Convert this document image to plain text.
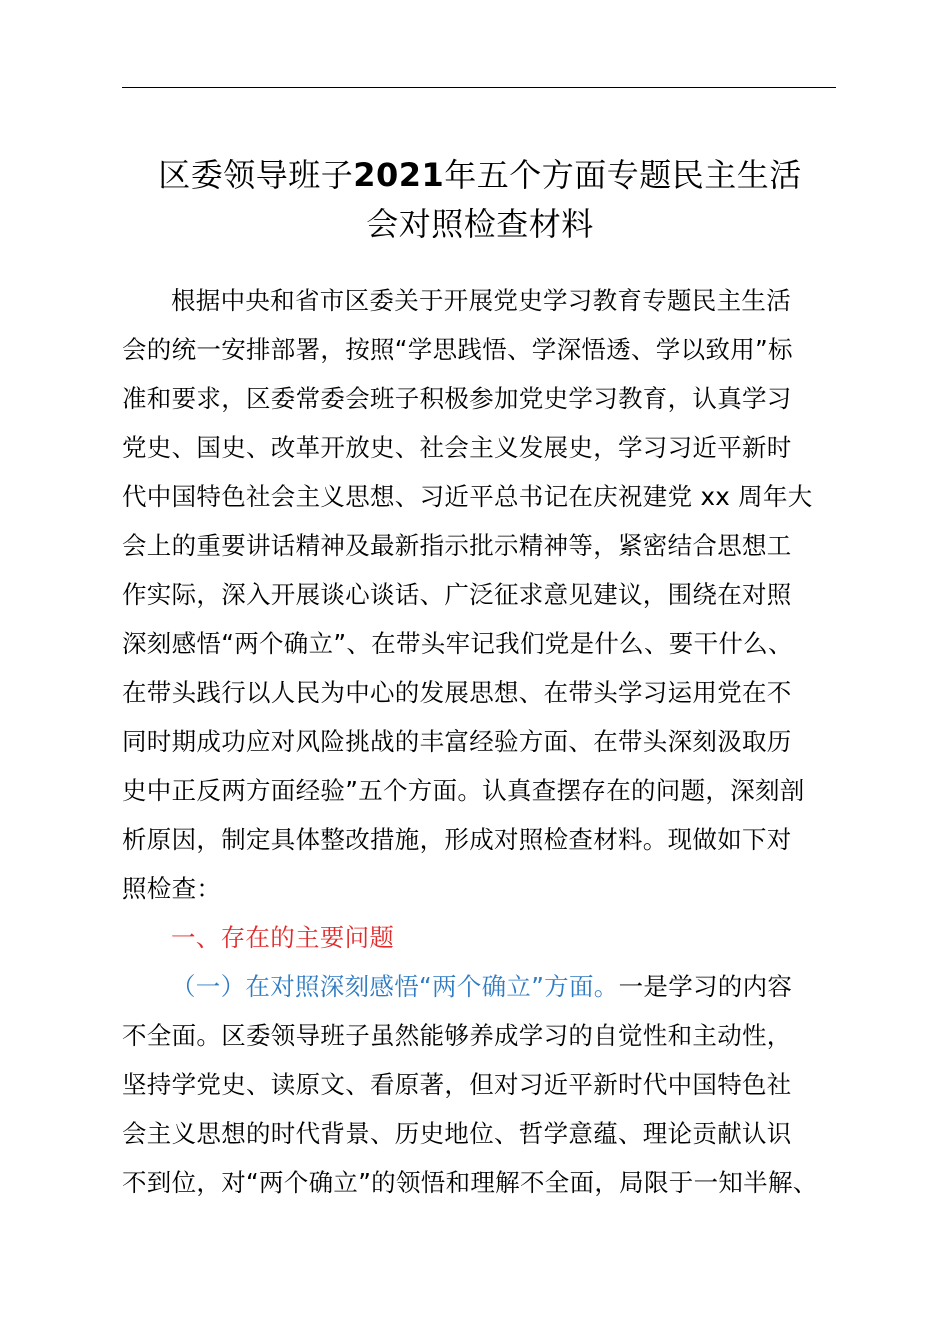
区委领导班子2021年五个方面专题民主生活
会对照检查材料
根据中央和省市区委关于开展党史学习教育专题民主生活
会的统一安排部署，按照“学思践悟、学深悟透、学以致用”标
准和要求，区委常委会班子积极参加党史学习教育，认真学习
党史、国史、改革开放史、社会主义发展史，学习习近平新时
代中国特色社会主义思想、习近平总书记在庆祝建党 xx 周年大
会上的重要讲话精神及最新指示批示精神等，紧密结合思想工
作实际，深入开展谈心谈话、广泛征求意见建议，围绕在对照
深刻感悟“两个确立”、在带头牢记我们党是什么、要干什么、
在带头践行以人民为中心的发展思想、在带头学习运用党在不
同时期成功应对风险挑战的丰富经验方面、在带头深刻汲取历
史中正反两方面经验”五个方面。认真查摆存在的问题，深刻剖
析原因，制定具体整改措施，形成对照检查材料。现做如下对
照检查：
一、存在的主要问题
（一）在对照深刻感悟“两个确立”方面。一是学习的内容
不全面。区委领导班子虽然能够养成学习的自觉性和主动性，
坚持学党史、读原文、看原著，但对习近平新时代中国特色社
会主义思想的时代背景、历史地位、哲学意蕴、理论贡献认识
不到位，对“两个确立”的领悟和理解不全面，局限于一知半解、
